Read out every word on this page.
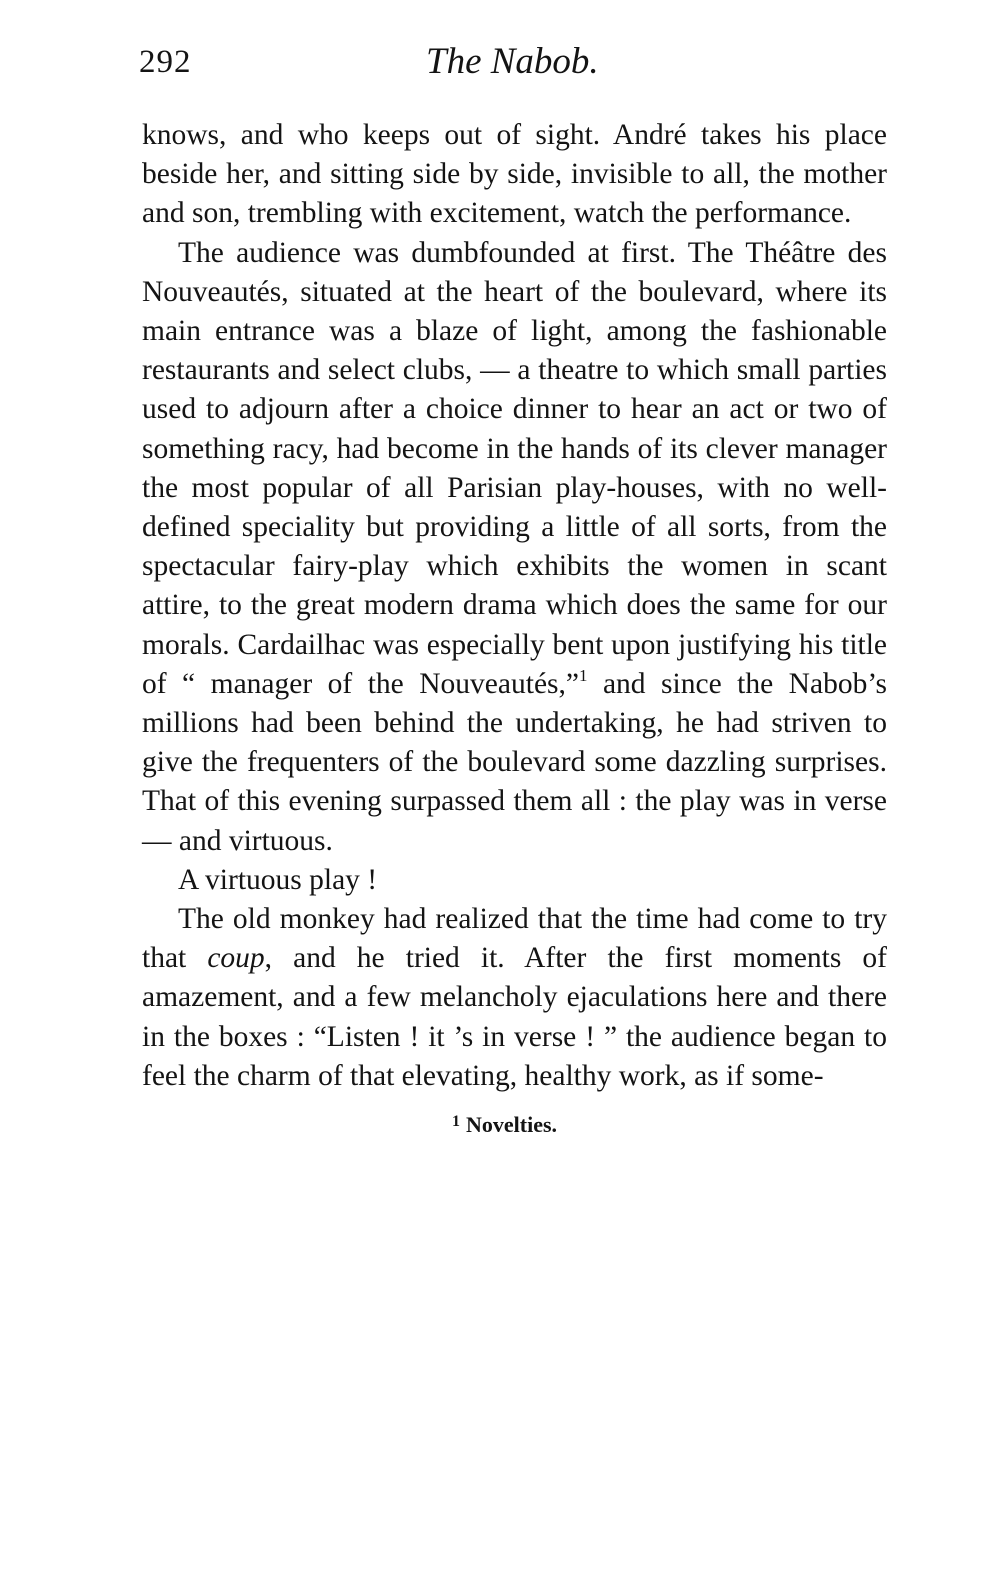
292	The Nabob.

knows, and who keeps out of sight. André takes his place beside her, and sitting side by side, invisible to all, the mother and son, trembling with excitement, watch the performance.

The audience was dumbfounded at first. The Théâtre des Nouveautés, situated at the heart of the boulevard, where its main entrance was a blaze of light, among the fashionable restaurants and select clubs, — a theatre to which small parties used to adjourn after a choice dinner to hear an act or two of something racy, had become in the hands of its clever manager the most popular of all Parisian play-houses, with no well-defined speciality but providing a little of all sorts, from the spectacular fairy-play which exhibits the women in scant attire, to the great modern drama which does the same for our morals. Cardailhac was especially bent upon justifying his title of “ manager of the Nouveautés,”$^1$ and since the Nabob’s millions had been behind the undertaking, he had striven to give the frequenters of the boulevard some dazzling surprises. That of this evening surpassed them all : the play was in verse — and virtuous.

A virtuous play !

The old monkey had realized that the time had come to try that coup, and he tried it. After the first moments of amazement, and a few melancholy ejaculations here and there in the boxes : “Listen ! it ’s in verse ! ” the audience began to feel the charm of that elevating, healthy work, as if some-

$^1$ Novelties.
